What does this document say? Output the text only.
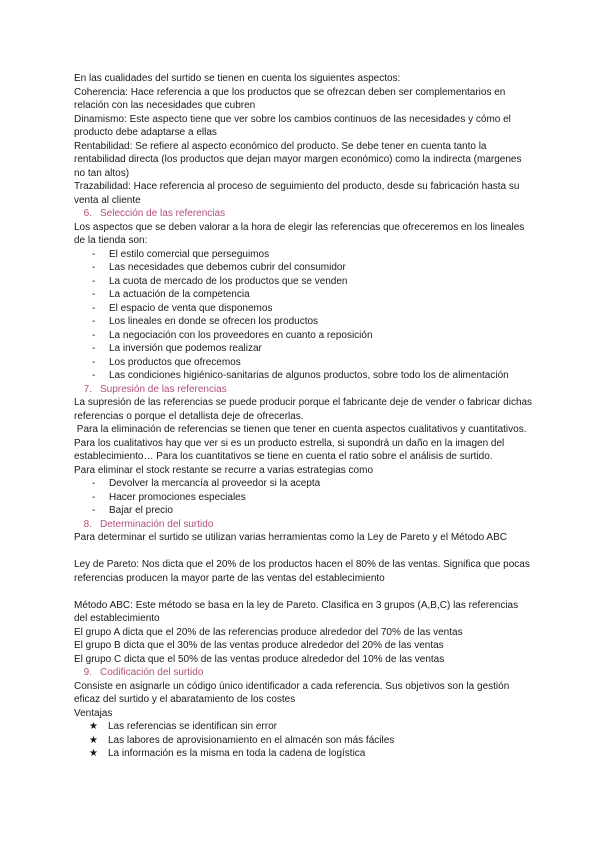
En las cualidades del surtido se tienen en cuenta los siguientes aspectos:

Coherencia: Hace referencia a que los productos que se ofrezcan deben ser complementarios en relación con las necesidades que cubren

Dinamismo: Este aspecto tiene que ver sobre los cambios continuos de las necesidades y cómo el producto debe adaptarse a ellas

Rentabilidad: Se refiere al aspecto económico del producto. Se debe tener en cuenta tanto la rentabilidad directa (los productos que dejan mayor margen económico) como la indirecta (margenes no tan altos)

Trazabilidad: Hace referencia al proceso de seguimiento del producto, desde su fabricación hasta su venta al cliente

6. Selección de las referencias

Los aspectos que se deben valorar a la hora de elegir las referencias que ofreceremos en los lineales de la tienda son:

-	El estilo comercial que perseguimos
-	Las necesidades que debemos cubrir del consumidor
-	La cuota de mercado de los productos que se venden
-	La actuación de la competencia
-	El espacio de venta que disponemos
-	Los lineales en donde se ofrecen los productos
-	La negociación con los proveedores en cuanto a reposición
-	La inversión que podemos realizar
-	Los productos que ofrecemos
-	Las condiciones higiénico-sanitarias de algunos productos, sobre todo los de alimentación

7. Supresión de las referencias

La supresión de las referencias se puede producir porque el fabricante deje de vender o fabricar dichas referencias o porque el detallista deje de ofrecerlas.

Para la eliminación de referencias se tienen que tener en cuenta aspectos cualitativos y cuantitativos. Para los cualitativos hay que ver si es un producto estrella, si supondrá un daño en la imagen del establecimiento… Para los cuantitativos se tiene en cuenta el ratio sobre el análisis de surtido.

Para eliminar el stock restante se recurre a varias estrategias como

-	Devolver la mercancía al proveedor si la acepta
-	Hacer promociones especiales
-	Bajar el precio

8. Determinación del surtido

Para determinar el surtido se utilizan varias herramientas como la Ley de Pareto y el Método ABC

Ley de Pareto: Nos dicta que el 20% de los productos hacen el 80% de las ventas. Significa que pocas referencias producen la mayor parte de las ventas del establecimiento

Método ABC: Este método se basa en la ley de Pareto. Clasifica en 3 grupos (A,B,C) las referencias del establecimiento

El grupo A dicta que el 20% de las referencias produce alrededor del 70% de las ventas

El grupo B dicta que el 30% de las ventas produce alrededor del 20% de las ventas

El grupo C dicta que el 50% de las ventas produce alrededor del 10% de las ventas

9. Codificación del surtido

Consiste en asignarle un código único identificador a cada referencia. Sus objetivos son la gestión eficaz del surtido y el abaratamiento de los costes

Ventajas

★	Las referencias se identifican sin error
★	Las labores de aprovisionamiento en el almacén son más fáciles
★	La información es la misma en toda la cadena de logística
